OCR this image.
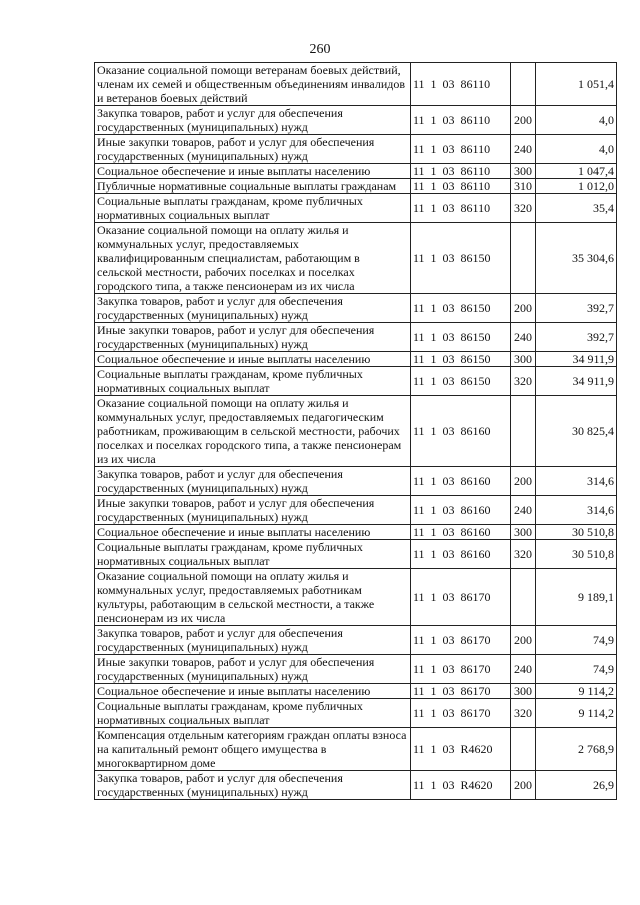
260
Оказание социальной помощи ветеранам боевых действий, членам их семей и общественным объединениям инвалидов и ветеранов боевых действий	11 1 03 86110		1 051,4
Закупка товаров, работ и услуг для обеспечения государственных (муниципальных) нужд	11 1 03 86110	200	4,0
Иные закупки товаров, работ и услуг для обеспечения государственных (муниципальных) нужд	11 1 03 86110	240	4,0
Социальное обеспечение и иные выплаты населению	11 1 03 86110	300	1 047,4
Публичные нормативные социальные выплаты гражданам	11 1 03 86110	310	1 012,0
Социальные выплаты гражданам, кроме публичных нормативных социальных выплат	11 1 03 86110	320	35,4
Оказание социальной помощи на оплату жилья и коммунальных услуг, предоставляемых квалифицированным специалистам, работающим в сельской местности, рабочих поселках и поселках городского типа, а также пенсионерам из их числа	11 1 03 86150		35 304,6
Закупка товаров, работ и услуг для обеспечения государственных (муниципальных) нужд	11 1 03 86150	200	392,7
Иные закупки товаров, работ и услуг для обеспечения государственных (муниципальных) нужд	11 1 03 86150	240	392,7
Социальное обеспечение и иные выплаты населению	11 1 03 86150	300	34 911,9
Социальные выплаты гражданам, кроме публичных нормативных социальных выплат	11 1 03 86150	320	34 911,9
Оказание социальной помощи на оплату жилья и коммунальных услуг, предоставляемых педагогическим работникам, проживающим в сельской местности, рабочих поселках и поселках городского типа, а также пенсионерам из их числа	11 1 03 86160		30 825,4
Закупка товаров, работ и услуг для обеспечения государственных (муниципальных) нужд	11 1 03 86160	200	314,6
Иные закупки товаров, работ и услуг для обеспечения государственных (муниципальных) нужд	11 1 03 86160	240	314,6
Социальное обеспечение и иные выплаты населению	11 1 03 86160	300	30 510,8
Социальные выплаты гражданам, кроме публичных нормативных социальных выплат	11 1 03 86160	320	30 510,8
Оказание социальной помощи на оплату жилья и коммунальных услуг, предоставляемых работникам культуры, работающим в сельской местности, а также пенсионерам из их числа	11 1 03 86170		9 189,1
Закупка товаров, работ и услуг для обеспечения государственных (муниципальных) нужд	11 1 03 86170	200	74,9
Иные закупки товаров, работ и услуг для обеспечения государственных (муниципальных) нужд	11 1 03 86170	240	74,9
Социальное обеспечение и иные выплаты населению	11 1 03 86170	300	9 114,2
Социальные выплаты гражданам, кроме публичных нормативных социальных выплат	11 1 03 86170	320	9 114,2
Компенсация отдельным категориям граждан оплаты взноса на капитальный ремонт общего имущества в многоквартирном доме	11 1 03 R4620		2 768,9
Закупка товаров, работ и услуг для обеспечения государственных (муниципальных) нужд	11 1 03 R4620	200	26,9
